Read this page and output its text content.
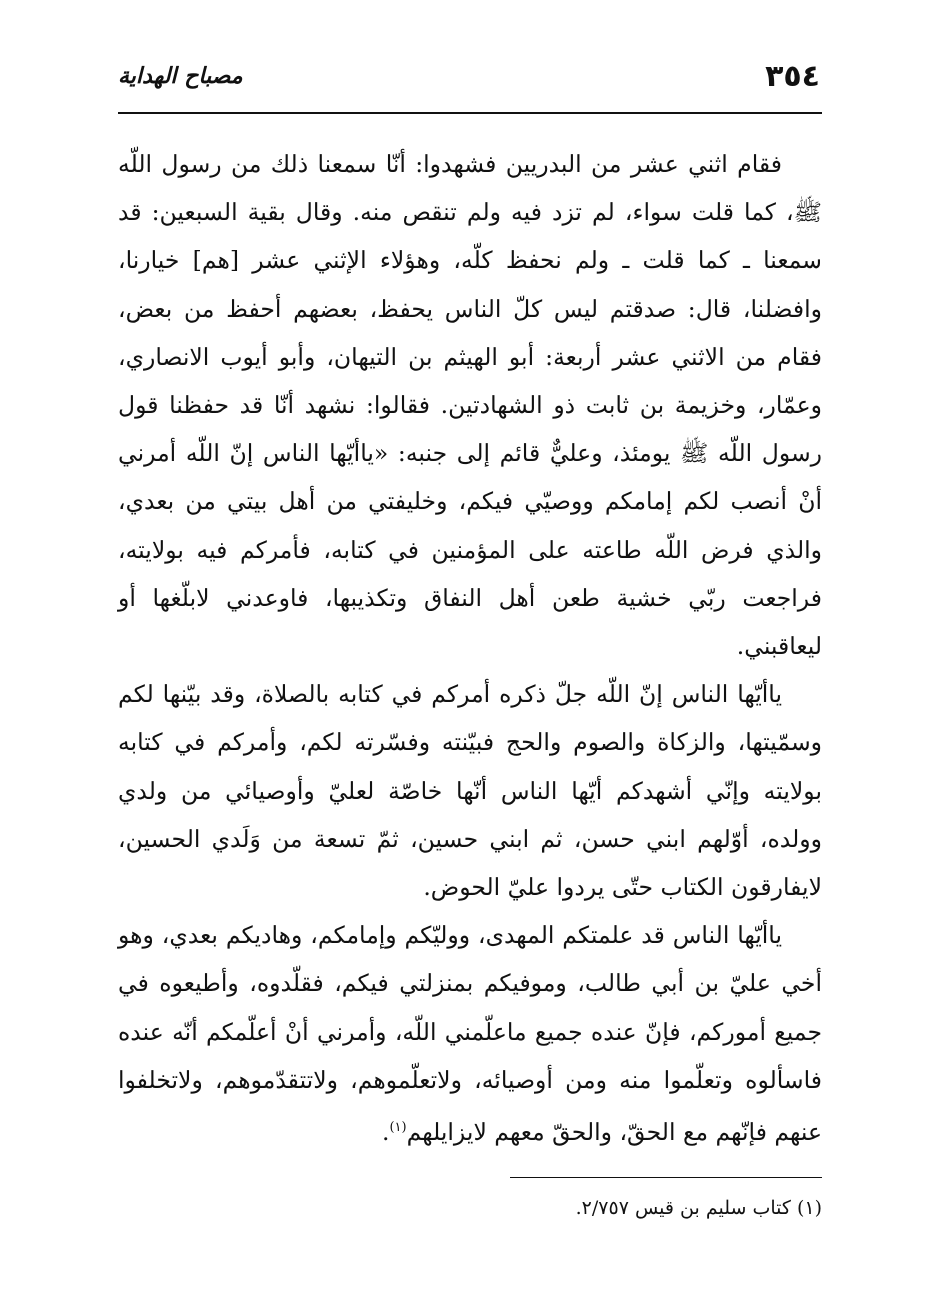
٣٥٤
مصباح الهداية

فقام اثني عشر من البدريين فشهدوا: أنّا سمعنا ذلك من رسول اللّه ﷺ، كما قلت سواء، لم تزد فيه ولم تنقص منه. وقال بقية السبعين: قد سمعنا ـ كما قلت ـ ولم نحفظ كلّه، وهؤلاء الإثني عشر [هم] خيارنا، وافضلنا، قال: صدقتم ليس كلّ الناس يحفظ، بعضهم أحفظ من بعض، فقام من الاثني عشر أربعة: أبو الهيثم بن التيهان، وأبو أيوب الانصاري، وعمّار، وخزيمة بن ثابت ذو الشهادتين. فقالوا: نشهد أنّا قد حفظنا قول رسول اللّه ﷺ يومئذ، وعليٌّ قائم إلى جنبه: «ياأيّها الناس إنّ اللّه أمرني أنْ أنصب لكم إمامكم ووصيّي فيكم، وخليفتي من أهل بيتي من بعدي، والذي فرض اللّه طاعته على المؤمنين في كتابه، فأمركم فيه بولايته، فراجعت ربّي خشية طعن أهل النفاق وتكذيبها، فاوعدني لابلّغها أو ليعاقبني.

ياأيّها الناس إنّ اللّه جلّ ذكره أمركم في كتابه بالصلاة، وقد بيّنها لكم وسمّيتها، والزكاة والصوم والحج فبيّنته وفسّرته لكم، وأمركم في كتابه بولايته وإنّي أشهدكم أيّها الناس أنّها خاصّة لعليّ وأوصيائي من ولدي وولده، أوّلهم ابني حسن، ثم ابني حسين، ثمّ تسعة من وَلَدي الحسين، لايفارقون الكتاب حتّى يردوا عليّ الحوض.

ياأيّها الناس قد علمتكم المهدى، ووليّكم وإمامكم، وهاديكم بعدي، وهو أخي عليّ بن أبي طالب، وموفيكم بمنزلتي فيكم، فقلّدوه، وأطيعوه في جميع أموركم، فإنّ عنده جميع ماعلّمني اللّه، وأمرني أنْ أعلّمكم أنّه عنده فاسألوه وتعلّموا منه ومن أوصيائه، ولاتعلّموهم، ولاتتقدّموهم، ولاتخلفوا عنهم فإنّهم مع الحقّ، والحقّ معهم لايزايلهم$^{(١)}$.

(١) كتاب سليم بن قيس ٢/٧٥٧.
